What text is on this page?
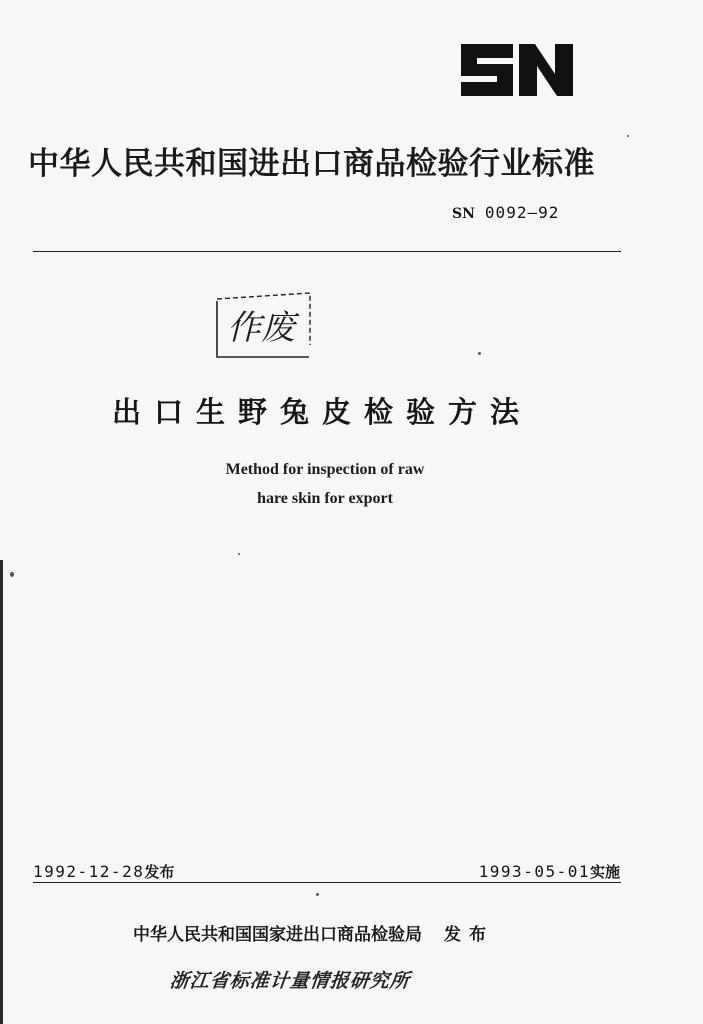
中华人民共和国进出口商品检验行业标准
SN 0092—92
作废
出口生野兔皮检验方法
Method for inspection of raw
hare skin for export
1992-12-28发布	1993-05-01实施
中华人民共和国国家进出口商品检验局 发布
浙江省标准计量情报研究所
